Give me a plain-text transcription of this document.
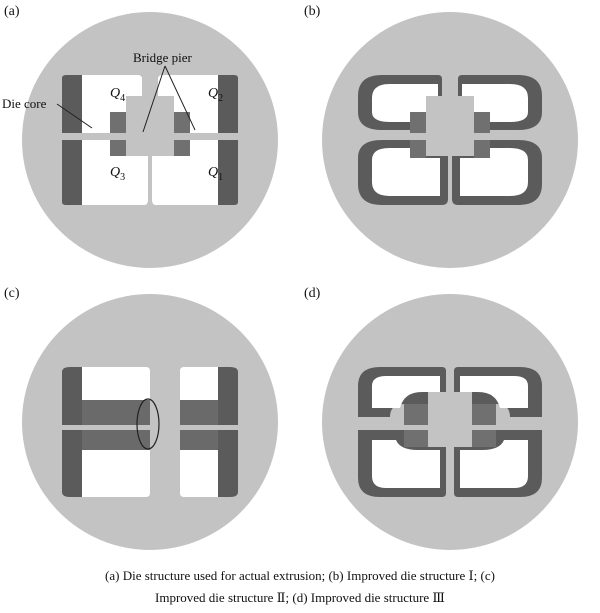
(a)
Bridge pier
Die core
$Q_4$	$Q_2$
$Q_3$	$Q_1$
(b)
(c)	(d)
(a) Die structure used for actual extrusion; (b) Improved die structure Ⅰ; (c)
Improved die structure Ⅱ; (d) Improved die structure Ⅲ
